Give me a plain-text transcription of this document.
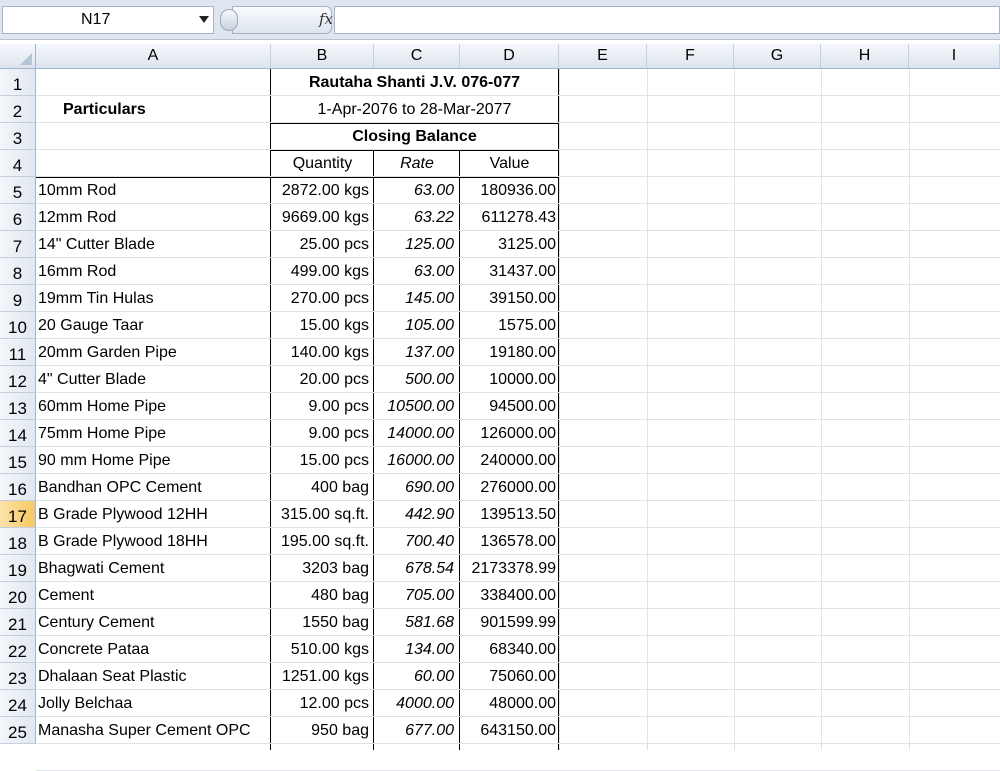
N17	fx
A	B	C	D	E	F	G	H	I
1
2
3
4
5
6
7
8
9
10
11
12
13
14
15
16
17
18
19
20
21
22
23
24
25
Rautaha Shanti J.V. 076-077
1-Apr-2076 to 28-Mar-2077
Particulars
Closing Balance
Quantity	Rate	Value
10mm Rod	2872.00 kgs	63.00	180936.00
12mm Rod	9669.00 kgs	63.22	611278.43
14" Cutter Blade	25.00 pcs	125.00	3125.00
16mm Rod	499.00 kgs	63.00	31437.00
19mm Tin Hulas	270.00 pcs	145.00	39150.00
20 Gauge Taar	15.00 kgs	105.00	1575.00
20mm Garden Pipe	140.00 kgs	137.00	19180.00
4" Cutter Blade	20.00 pcs	500.00	10000.00
60mm Home Pipe	9.00 pcs	10500.00	94500.00
75mm Home Pipe	9.00 pcs	14000.00	126000.00
90 mm Home Pipe	15.00 pcs	16000.00	240000.00
Bandhan OPC Cement	400 bag	690.00	276000.00
B Grade Plywood 12HH	315.00 sq.ft.	442.90	139513.50
B Grade Plywood 18HH	195.00 sq.ft.	700.40	136578.00
Bhagwati Cement	3203 bag	678.54	2173378.99
Cement	480 bag	705.00	338400.00
Century Cement	1550 bag	581.68	901599.99
Concrete Pataa	510.00 kgs	134.00	68340.00
Dhalaan Seat Plastic	1251.00 kgs	60.00	75060.00
Jolly Belchaa	12.00 pcs	4000.00	48000.00
Manasha Super Cement OPC	950 bag	677.00	643150.00
